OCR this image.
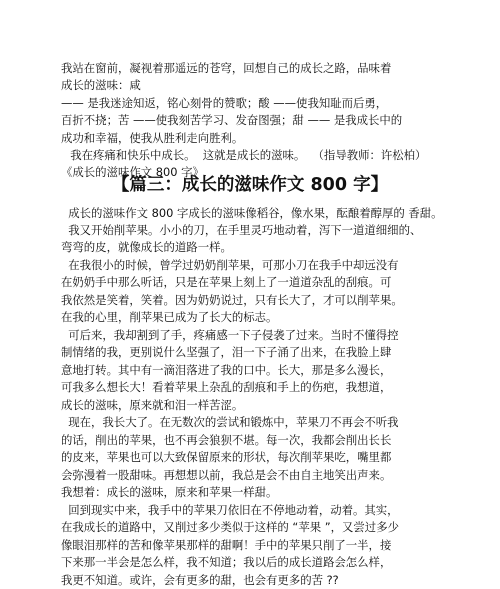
我站在窗前，凝视着那遥远的苍穹，回想自己的成长之路，品味着
成长的滋味：咸
—— 是我迷途知返，铭心刻骨的赞歌；酸 ——使我知耻而后勇，
百折不挠；苦 ——使我刻苦学习、发奋图强；甜 —— 是我成长中的
成功和幸福，使我从胜利走向胜利。
我在疼痛和快乐中成长。  这就是成长的滋味。  （指导教师：许松柏）
《成长的滋味作文 800 字》
【篇三：成长的滋味作文 800 字】
成长的滋味作文 800 字成长的滋味像稻谷，像水果，酝酿着醇厚的 香甜。
我又开始削苹果。小小的刀，在手里灵巧地动着，泻下一道道细细的、
弯弯的皮，就像成长的道路一样。
在我很小的时候，曾学过奶奶削苹果，可那小刀在我手中却远没有
在奶奶手中那么听话，只是在苹果上刻上了一道道杂乱的刮痕。可
我依然是笑着，笑着。因为奶奶说过，只有长大了，才可以削苹果。
在我的心里，削苹果已成为了长大的标志。
可后来，我却割到了手，疼痛感一下子侵袭了过来。当时不懂得控
制情绪的我，更别说什么坚强了，泪一下子涌了出来，在我脸上肆
意地打转。其中有一滴泪落进了我的口中。长大，那是多么漫长，
可我多么想长大！看着苹果上杂乱的刮痕和手上的伤疤，我想道，
成长的滋味，原来就和泪一样苦涩。
现在，我长大了。在无数次的尝试和锻炼中，苹果刀不再会不听我
的话，削出的苹果，也不再会狼狈不堪。每一次，我都会削出长长
的皮来，苹果也可以大致保留原来的形状，每次削苹果吃，嘴里都
会弥漫着一股甜味。再想想以前，我总是会不由自主地笑出声来。
我想着：成长的滋味，原来和苹果一样甜。
回到现实中来，我手中的苹果刀依旧在不停地动着，动着。其实，
在我成长的道路中，又削过多少类似于这样的 “苹果 ”，又尝过多少
像眼泪那样的苦和像苹果那样的甜啊！手中的苹果只削了一半，接
下来那一半会是怎么样，我不知道；我以后的成长道路会怎么样，
我更不知道。或许，会有更多的甜，也会有更多的苦 ??
